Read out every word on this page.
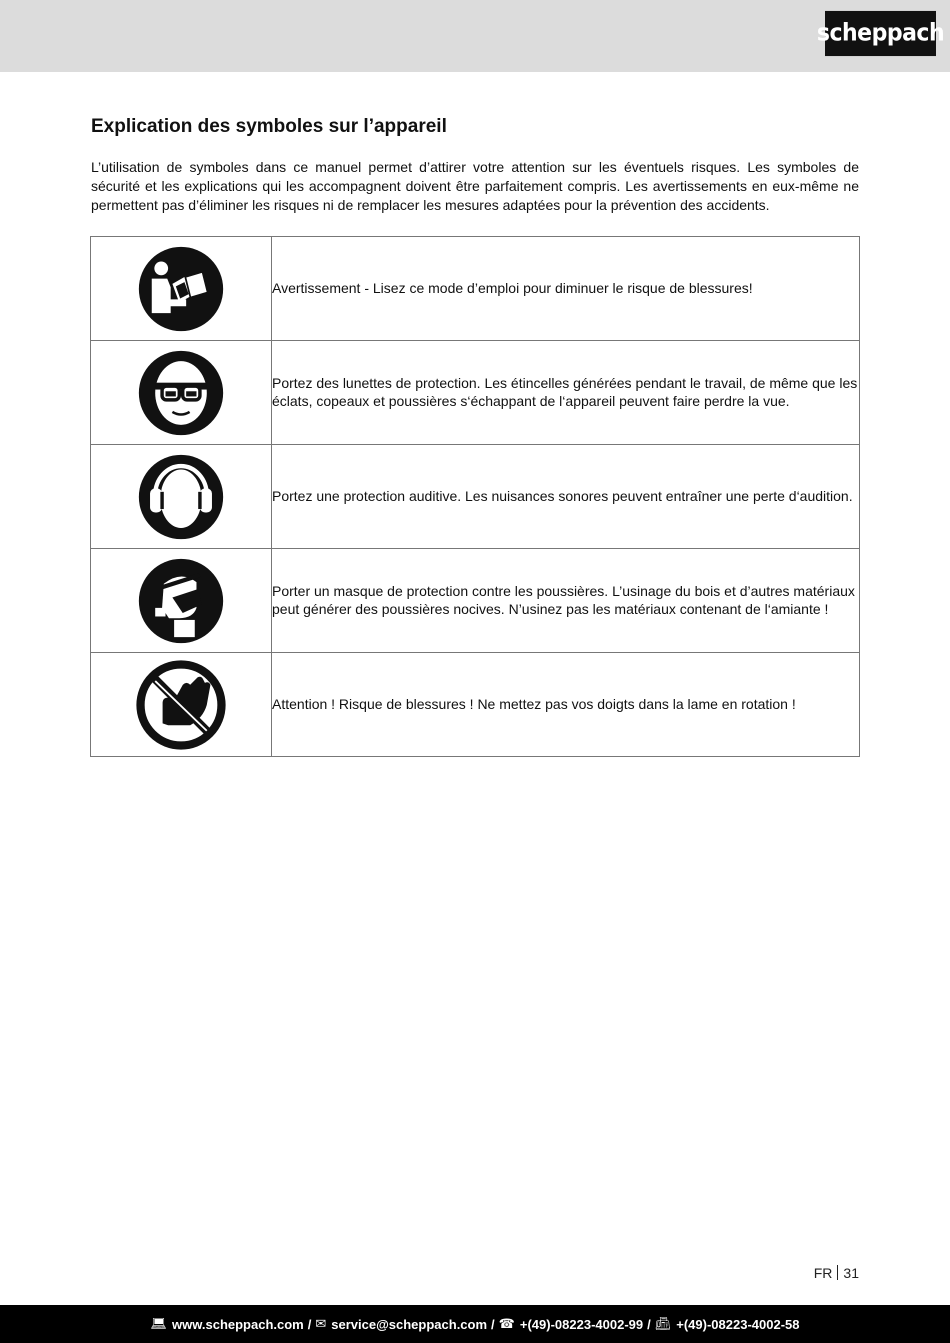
scheppach
Explication des symboles sur l’appareil

L’utilisation de symboles dans ce manuel permet d’attirer votre attention sur les éventuels risques. Les symboles de sécurité et les explications qui les accompagnent doivent être parfaitement compris. Les avertissements en eux-même ne permettent pas d’éliminer les risques ni de remplacer les mesures adaptées pour la prévention des accidents.

	Avertissement - Lisez ce mode d’emploi pour diminuer le risque de blessures!

	Portez des lunettes de protection. Les étincelles générées pendant le travail, de même que les éclats, copeaux et poussières s‘échappant de l‘appareil peuvent faire perdre la vue.

	Portez une protection auditive. Les nuisances sonores peuvent entraîner une perte d‘audition.

	Porter un masque de protection contre les poussières. L’usinage du bois et d’autres matériaux peut générer des poussières nocives. N’usinez pas les matériaux contenant de l‘amiante !

	Attention ! Risque de blessures ! Ne mettez pas vos doigts dans la lame en rotation !
FR 31
💻︎ www.scheppach.com / ✉︎ service@scheppach.com / ☎︎ +(49)-08223-4002-99 / 📠︎ +(49)-08223-4002-58
